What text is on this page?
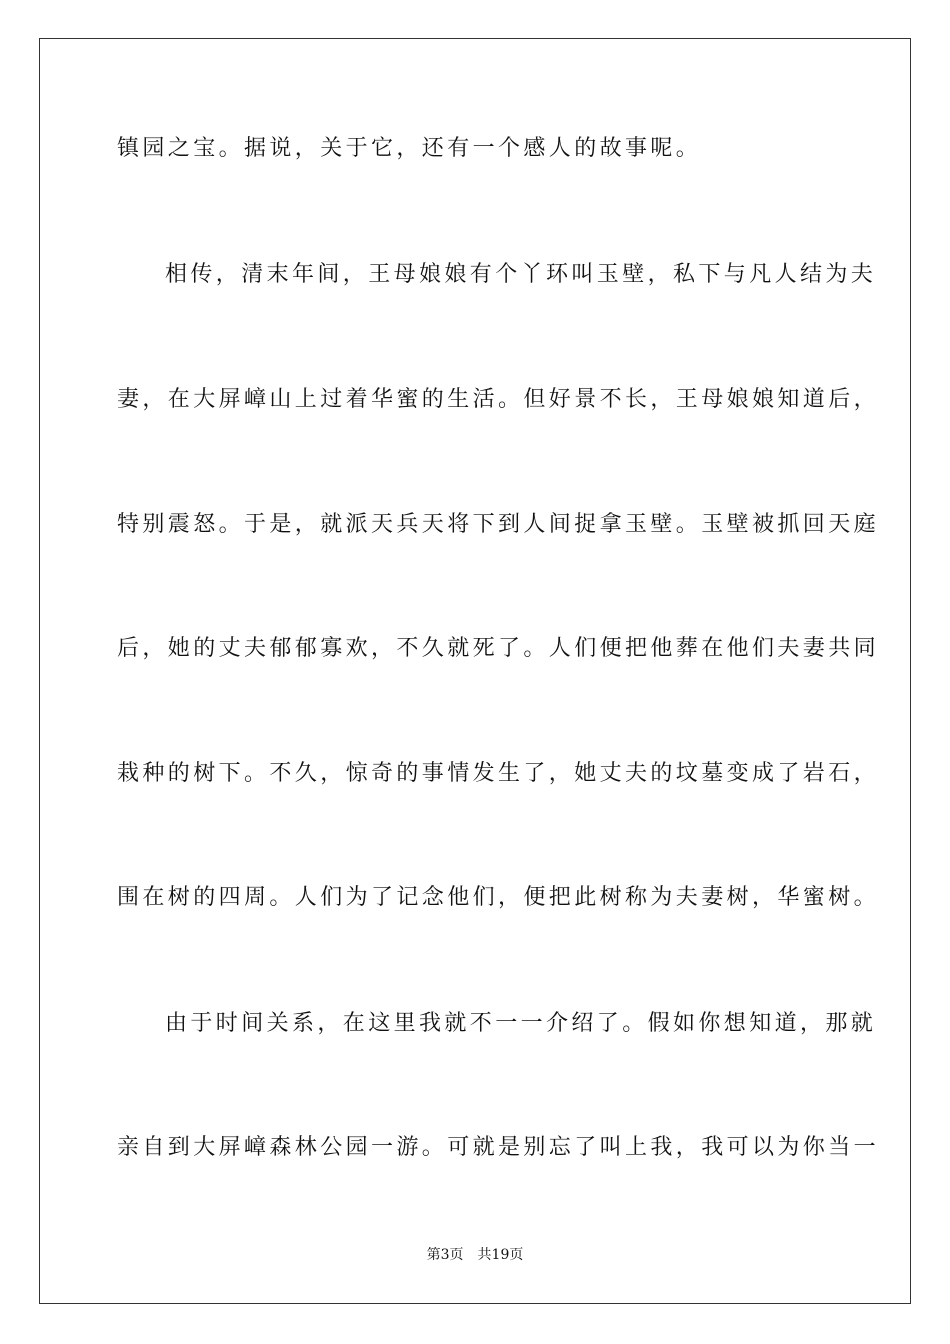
镇园之宝。据说，关于它，还有一个感人的故事呢。
相传，清末年间，王母娘娘有个丫环叫玉壁，私下与凡人结为夫
妻，在大屏嶂山上过着华蜜的生活。但好景不长，王母娘娘知道后，
特别震怒。于是，就派天兵天将下到人间捉拿玉壁。玉壁被抓回天庭
后，她的丈夫郁郁寡欢，不久就死了。人们便把他葬在他们夫妻共同
栽种的树下。不久，惊奇的事情发生了，她丈夫的坟墓变成了岩石，
围在树的四周。人们为了记念他们，便把此树称为夫妻树，华蜜树。
由于时间关系，在这里我就不一一介绍了。假如你想知道，那就
亲自到大屏嶂森林公园一游。可就是别忘了叫上我，我可以为你当一
第3页 共19页
